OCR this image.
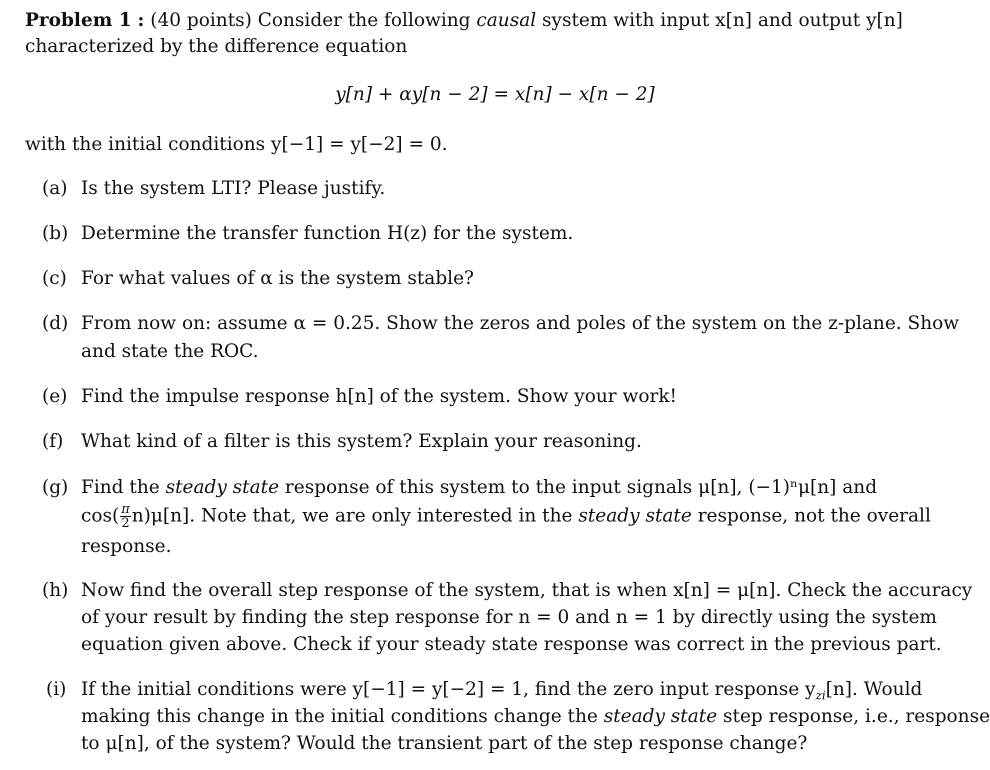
Problem 1 : (40 points) Consider the following causal system with input x[n] and output y[n]
characterized by the difference equation
y[n] + αy[n − 2] = x[n] − x[n − 2]
with the initial conditions y[−1] = y[−2] = 0.
(a) Is the system LTI? Please justify.
(b) Determine the transfer function H(z) for the system.
(c) For what values of α is the system stable?
(d) From now on: assume α = 0.25. Show the zeros and poles of the system on the z-plane. Show
and state the ROC.
(e) Find the impulse response h[n] of the system. Show your work!
(f) What kind of a filter is this system? Explain your reasoning.
(g) Find the steady state response of this system to the input signals μ[n], (−1)ⁿμ[n] and
$\cos( \frac{\pi}{2} n)\mu[n]$. Note that, we are only interested in the steady state response, not the overall
response.
(h) Now find the overall step response of the system, that is when x[n] = μ[n]. Check the accuracy
of your result by finding the step response for n = 0 and n = 1 by directly using the system
equation given above. Check if your steady state response was correct in the previous part.
(i) If the initial conditions were y[−1] = y[−2] = 1, find the zero input response $y_{zi}[n]$. Would
making this change in the initial conditions change the steady state step response, i.e., response
to μ[n], of the system? Would the transient part of the step response change?
